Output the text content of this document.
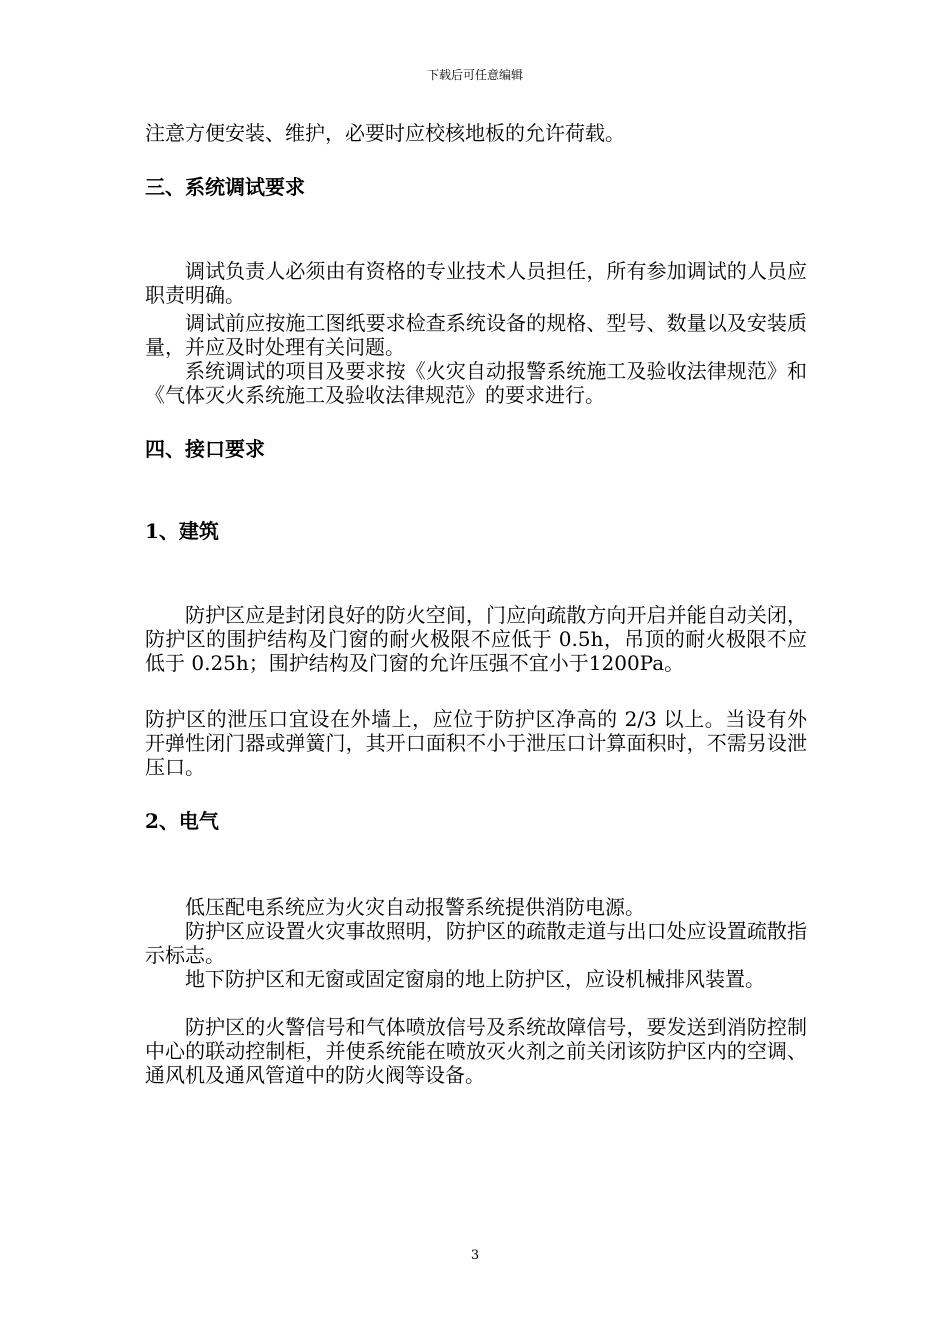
下载后可任意编辑

注意方便安装、维护，必要时应校核地板的允许荷载。

三、系统调试要求

调试负责人必须由有资格的专业技术人员担任，所有参加调试的人员应职责明确。

调试前应按施工图纸要求检查系统设备的规格、型号、数量以及安装质量，并应及时处理有关问题。

系统调试的项目及要求按《火灾自动报警系统施工及验收法律规范》和《气体灭火系统施工及验收法律规范》的要求进行。

四、接口要求
1、建筑

防护区应是封闭良好的防火空间，门应向疏散方向开启并能自动关闭，防护区的围护结构及门窗的耐火极限不应低于 0.5h，吊顶的耐火极限不应低于 0.25h；围护结构及门窗的允许压强不宜小于1200Pa。

防护区的泄压口宜设在外墙上，应位于防护区净高的 2/3 以上。当设有外开弹性闭门器或弹簧门，其开口面积不小于泄压口计算面积时，不需另设泄压口。

2、电气

低压配电系统应为火灾自动报警系统提供消防电源。

防护区应设置火灾事故照明，防护区的疏散走道与出口处应设置疏散指示标志。

地下防护区和无窗或固定窗扇的地上防护区，应设机械排风装置。

防护区的火警信号和气体喷放信号及系统故障信号，要发送到消防控制中心的联动控制柜，并使系统能在喷放灭火剂之前关闭该防护区内的空调、通风机及通风管道中的防火阀等设备。

3
